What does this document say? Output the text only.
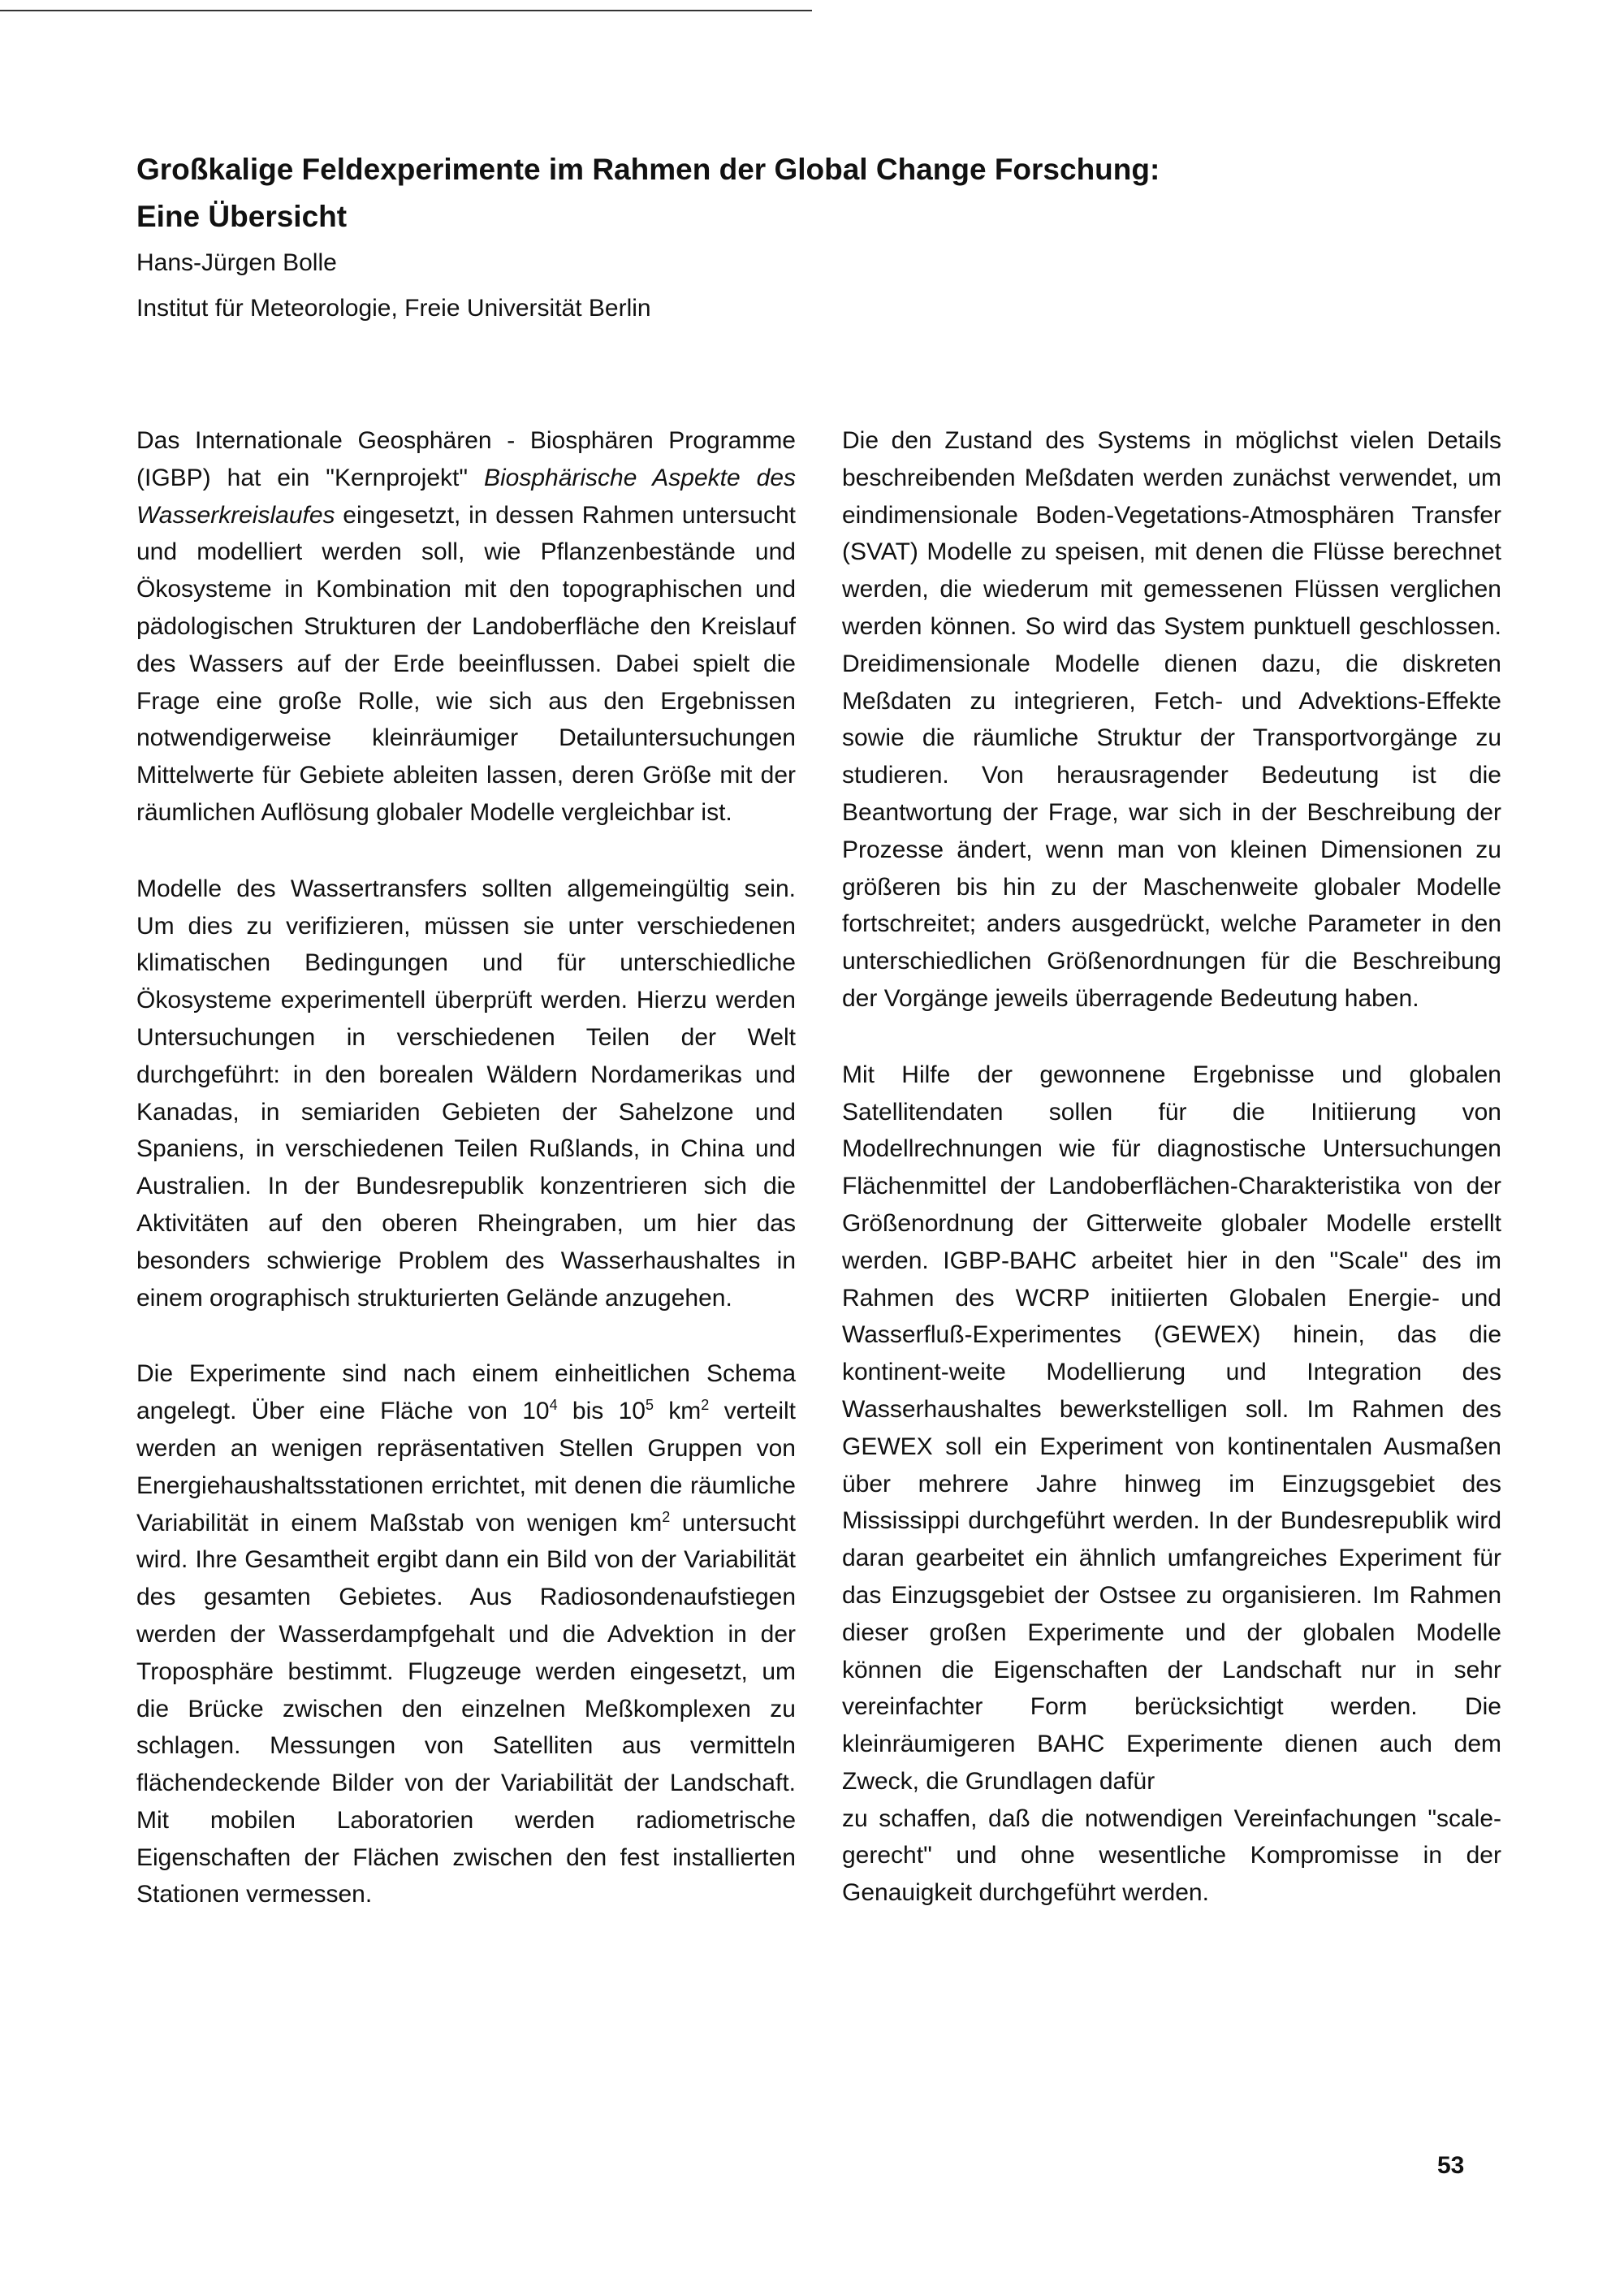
Großkalige Feldexperimente im Rahmen der Global Change Forschung:
Eine Übersicht

Hans-Jürgen Bolle

Institut für Meteorologie, Freie Universität Berlin

Das Internationale Geosphären - Biosphären Programme (IGBP) hat ein "Kernprojekt" Biosphärische Aspekte des Wasserkreislaufes eingesetzt, in dessen Rahmen untersucht und modelliert werden soll, wie Pflanzenbestände und Ökosysteme in Kombination mit den topographischen und pädologischen Strukturen der Landoberfläche den Kreislauf des Wassers auf der Erde beeinflussen. Dabei spielt die Frage eine große Rolle, wie sich aus den Ergebnissen notwendigerweise kleinräumiger Detailuntersuchungen Mittelwerte für Gebiete ableiten lassen, deren Größe mit der räumlichen Auflösung globaler Modelle vergleichbar ist.

Modelle des Wassertransfers sollten allgemeingültig sein. Um dies zu verifizieren, müssen sie unter verschiedenen klimatischen Bedingungen und für unterschiedliche Ökosysteme experimentell überprüft werden. Hierzu werden Untersuchungen in verschiedenen Teilen der Welt durchgeführt: in den borealen Wäldern Nordamerikas und Kanadas, in semiariden Gebieten der Sahelzone und Spaniens, in verschiedenen Teilen Rußlands, in China und Australien. In der Bundesrepublik konzentrieren sich die Aktivitäten auf den oberen Rheingraben, um hier das besonders schwierige Problem des Wasserhaushaltes in einem orographisch strukturierten Gelände anzugehen.

Die Experimente sind nach einem einheitlichen Schema angelegt. Über eine Fläche von $10^4$ bis $10^5$ $km^2$ verteilt werden an wenigen repräsentativen Stellen Gruppen von Energiehaushaltsstationen errichtet, mit denen die räumliche Variabilität in einem Maßstab von wenigen $km^2$ untersucht wird. Ihre Gesamtheit ergibt dann ein Bild von der Variabilität des gesamten Gebietes. Aus Radiosondenaufstiegen werden der Wasserdampfgehalt und die Advektion in der Troposphäre bestimmt. Flugzeuge werden eingesetzt, um die Brücke zwischen den einzelnen Meßkomplexen zu schlagen. Messungen von Satelliten aus vermitteln flächendeckende Bilder von der Variabilität der Landschaft. Mit mobilen Laboratorien werden radiometrische Eigenschaften der Flächen zwischen den fest installierten Stationen vermessen.

Die den Zustand des Systems in möglichst vielen Details beschreibenden Meßdaten werden zunächst verwendet, um eindimensionale Boden-Vegetations-Atmosphären Transfer (SVAT) Modelle zu speisen, mit denen die Flüsse berechnet werden, die wiederum mit gemessenen Flüssen verglichen werden können. So wird das System punktuell geschlossen. Dreidimensionale Modelle dienen dazu, die diskreten Meßdaten zu integrieren, Fetch- und Advektions-Effekte sowie die räumliche Struktur der Transportvorgänge zu studieren. Von herausragender Bedeutung ist die Beantwortung der Frage, war sich in der Beschreibung der Prozesse ändert, wenn man von kleinen Dimensionen zu größeren bis hin zu der Maschenweite globaler Modelle fortschreitet; anders ausgedrückt, welche Parameter in den unterschiedlichen Größenordnungen für die Beschreibung der Vorgänge jeweils überragende Bedeutung haben.

Mit Hilfe der gewonnene Ergebnisse und globalen Satellitendaten sollen für die Initiierung von Modellrechnungen wie für diagnostische Untersuchungen Flächenmittel der Landoberflächen-Charakteristika von der Größenordnung der Gitterweite globaler Modelle erstellt werden. IGBP-BAHC arbeitet hier in den "Scale" des im Rahmen des WCRP initiierten Globalen Energie- und Wasserfluß-Experimentes (GEWEX) hinein, das die kontinent-weite Modellierung und Integration des Wasserhaushaltes bewerkstelligen soll. Im Rahmen des GEWEX soll ein Experiment von kontinentalen Ausmaßen über mehrere Jahre hinweg im Einzugsgebiet des Mississippi durchgeführt werden. In der Bundesrepublik wird daran gearbeitet ein ähnlich umfangreiches Experiment für das Einzugsgebiet der Ostsee zu organisieren. Im Rahmen dieser großen Experimente und der globalen Modelle können die Eigenschaften der Landschaft nur in sehr vereinfachter Form berücksichtigt werden. Die kleinräumigeren BAHC Experimente dienen auch dem Zweck, die Grundlagen dafür

zu schaffen, daß die notwendigen Vereinfachungen "scale-gerecht" und ohne wesentliche Kompromisse in der Genauigkeit durchgeführt werden.

53
